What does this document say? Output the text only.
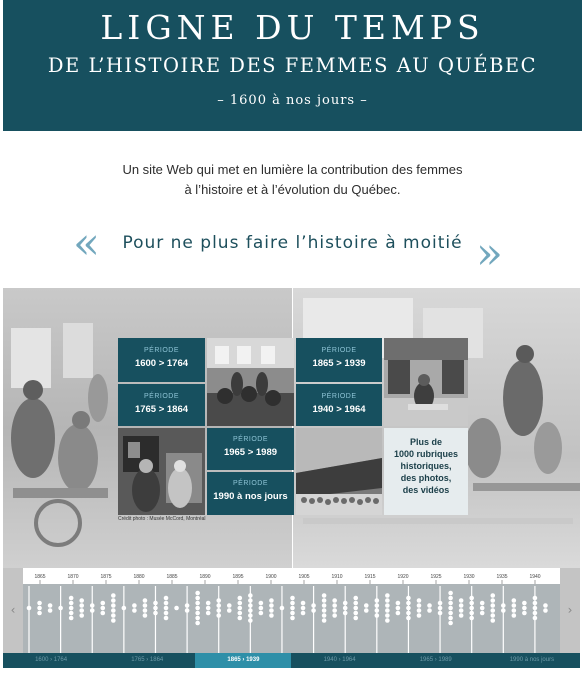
LIGNE DU TEMPS
DE L’HISTOIRE DES FEMMES AU QUÉBEC
– 1600 à nos jours –
Un site Web qui met en lumière la contribution des femmes
à l’histoire et à l’évolution du Québec.
«	Pour ne plus faire l’histoire à moitié »
PÉRIODE
1600 > 1764
PÉRIODE
1765 > 1864
PÉRIODE
1965 > 1989
PÉRIODE
1990 à nos jours
PÉRIODE
1865 > 1939
PÉRIODE
1940 > 1964
Plus de
1000 rubriques
historiques,
des photos,
des vidéos
Crédit photo : Musée McCord, Montréal
‹
1865	1870	1875	1880	1885	1890	1895	1900	1905	1910	1915	1920	1925	1930	1935	1940
›
1600 › 1764	1765 › 1864	1865 › 1939	1940 › 1964	1965 › 1989	1990 à nos jours
